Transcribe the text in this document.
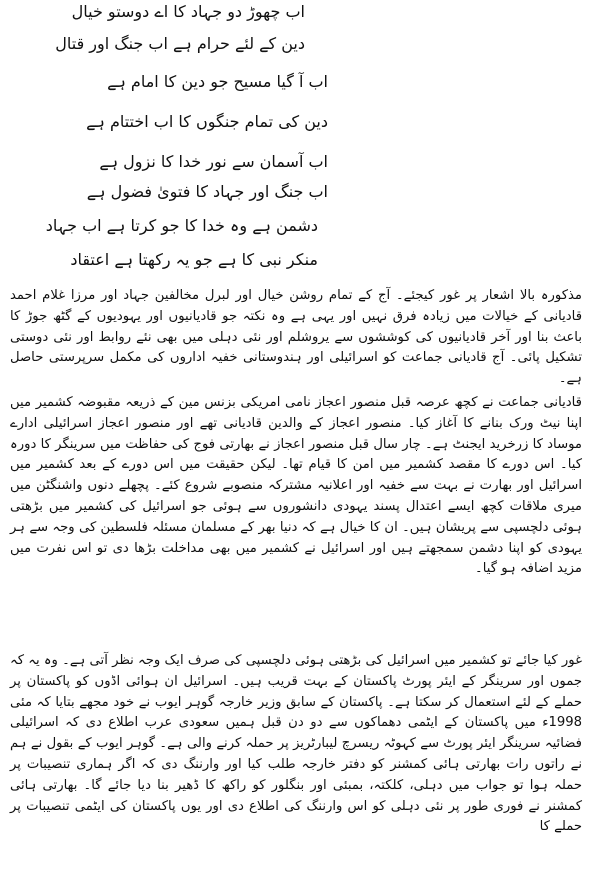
اب چھوڑ دو جہاد کا اے دوستو خیال
دین کے لئے حرام ہے اب جنگ اور قتال
اب آ گیا مسیح جو دین کا امام ہے
دین کی تمام جنگوں کا اب اختتام ہے
اب آسمان سے نور خدا کا نزول ہے
اب جنگ اور جہاد کا فتویٰ فضول ہے
دشمن ہے وہ خدا کا جو کرتا ہے اب جہاد
منکر نبی کا ہے جو یہ رکھتا ہے اعتقاد
مذکورہ بالا اشعار پر غور کیجئے۔ آج کے تمام روشن خیال اور لبرل مخالفین جہاد اور مرزا غلام احمد قادیانی کے خیالات میں زیادہ فرق نہیں اور یہی ہے وہ نکتہ جو قادیانیوں اور یہودیوں کے گٹھ جوڑ کا باعث بنا اور آخر قادیانیوں کی کوششوں سے یروشلم اور نئی دہلی میں بھی نئے روابط اور نئی دوستی تشکیل پائی۔ آج قادیانی جماعت کو اسرائیلی اور ہندوستانی خفیہ اداروں کی مکمل سرپرستی حاصل ہے۔
قادیانی جماعت نے کچھ عرصہ قبل منصور اعجاز نامی امریکی بزنس مین کے ذریعہ مقبوضہ کشمیر میں اپنا نیٹ ورک بنانے کا آغاز کیا۔ منصور اعجاز کے والدین قادیانی تھے اور منصور اعجاز اسرائیلی ادارے موساد کا زرخرید ایجنٹ ہے۔ چار سال قبل منصور اعجاز نے بھارتی فوج کی حفاظت میں سرینگر کا دورہ کیا۔ اس دورے کا مقصد کشمیر میں امن کا قیام تھا۔ لیکن حقیقت میں اس دورے کے بعد کشمیر میں اسرائیل اور بھارت نے بہت سے خفیہ اور اعلانیہ مشترکہ منصوبے شروع کئے۔ پچھلے دنوں واشنگٹن میں میری ملاقات کچھ ایسے اعتدال پسند یہودی دانشوروں سے ہوئی جو اسرائیل کی کشمیر میں بڑھتی ہوئی دلچسپی سے پریشان ہیں۔ ان کا خیال ہے کہ دنیا بھر کے مسلمان مسئلہ فلسطین کی وجہ سے ہر یہودی کو اپنا دشمن سمجھتے ہیں اور اسرائیل نے کشمیر میں بھی مداخلت بڑھا دی تو اس نفرت میں مزید اضافہ ہو گیا۔
غور کیا جائے تو کشمیر میں اسرائیل کی بڑھتی ہوئی دلچسپی کی صرف ایک وجہ نظر آتی ہے۔ وہ یہ کہ جموں اور سرینگر کے ایئر پورٹ پاکستان کے بہت قریب ہیں۔ اسرائیل ان ہوائی اڈوں کو پاکستان پر حملے کے لئے استعمال کر سکتا ہے۔ پاکستان کے سابق وزیر خارجہ گوہر ایوب نے خود مجھے بتایا کہ مئی 1998ء میں پاکستان کے ایٹمی دھماکوں سے دو دن قبل ہمیں سعودی عرب اطلاع دی کہ اسرائیلی فضائیہ سرینگر ایئر پورٹ سے کہوٹہ ریسرچ لیبارٹریز پر حملہ کرنے والی ہے۔ گوہر ایوب کے بقول نے ہم نے راتوں رات بھارتی ہائی کمشنر کو دفتر خارجہ طلب کیا اور وارننگ دی کہ اگر ہماری تنصیبات پر حملہ ہوا تو جواب میں دہلی، کلکتہ، بمبئی اور بنگلور کو راکھ کا ڈھیر بنا دیا جائے گا۔ بھارتی ہائی کمشنر نے فوری طور پر نئی دہلی کو اس وارننگ کی اطلاع دی اور یوں پاکستان کی ایٹمی تنصیبات پر حملے کا
